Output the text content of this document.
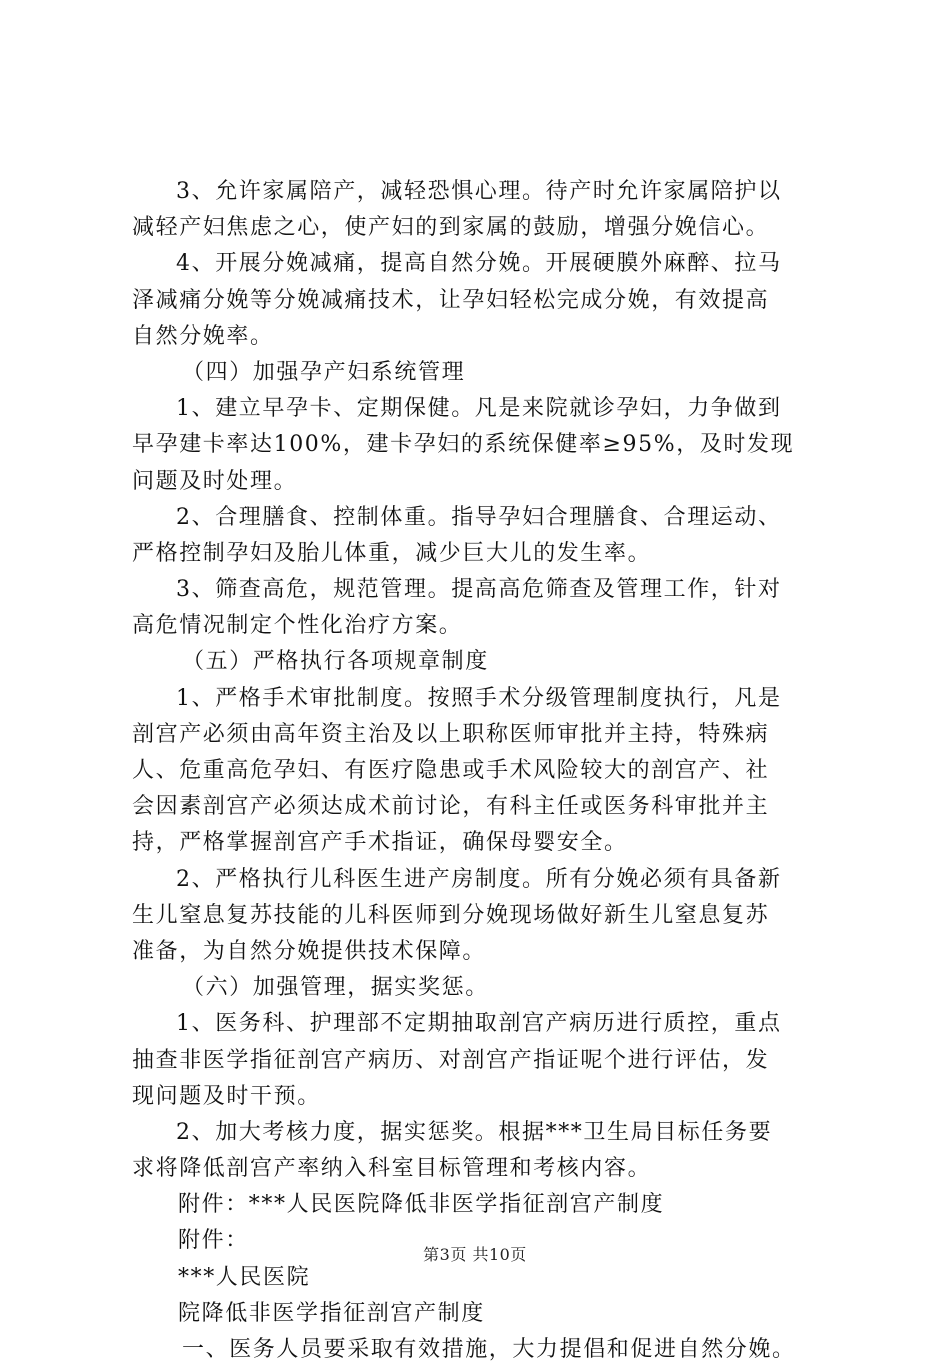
3、允许家属陪产，减轻恐惧心理。待产时允许家属陪护以
减轻产妇焦虑之心，使产妇的到家属的鼓励，增强分娩信心。
4、开展分娩减痛，提高自然分娩。开展硬膜外麻醉、拉马
泽减痛分娩等分娩减痛技术，让孕妇轻松完成分娩，有效提高
自然分娩率。
（四）加强孕产妇系统管理
1、建立早孕卡、定期保健。凡是来院就诊孕妇，力争做到
早孕建卡率达100%，建卡孕妇的系统保健率≥95%，及时发现
问题及时处理。
2、合理膳食、控制体重。指导孕妇合理膳食、合理运动、
严格控制孕妇及胎儿体重，减少巨大儿的发生率。
3、筛查高危，规范管理。提高高危筛查及管理工作，针对
高危情况制定个性化治疗方案。
（五）严格执行各项规章制度
1、严格手术审批制度。按照手术分级管理制度执行，凡是
剖宫产必须由高年资主治及以上职称医师审批并主持，特殊病
人、危重高危孕妇、有医疗隐患或手术风险较大的剖宫产、社
会因素剖宫产必须达成术前讨论，有科主任或医务科审批并主
持，严格掌握剖宫产手术指证，确保母婴安全。
2、严格执行儿科医生进产房制度。所有分娩必须有具备新
生儿窒息复苏技能的儿科医师到分娩现场做好新生儿窒息复苏
准备，为自然分娩提供技术保障。
（六）加强管理，据实奖惩。
1、医务科、护理部不定期抽取剖宫产病历进行质控，重点
抽查非医学指征剖宫产病历、对剖宫产指证呢个进行评估，发
现问题及时干预。
2、加大考核力度，据实惩奖。根据***卫生局目标任务要
求将降低剖宫产率纳入科室目标管理和考核内容。
附件：***人民医院降低非医学指征剖宫产制度
附件：
***人民医院
院降低非医学指征剖宫产制度
一、医务人员要采取有效措施，大力提倡和促进自然分娩。
第3页 共10页
